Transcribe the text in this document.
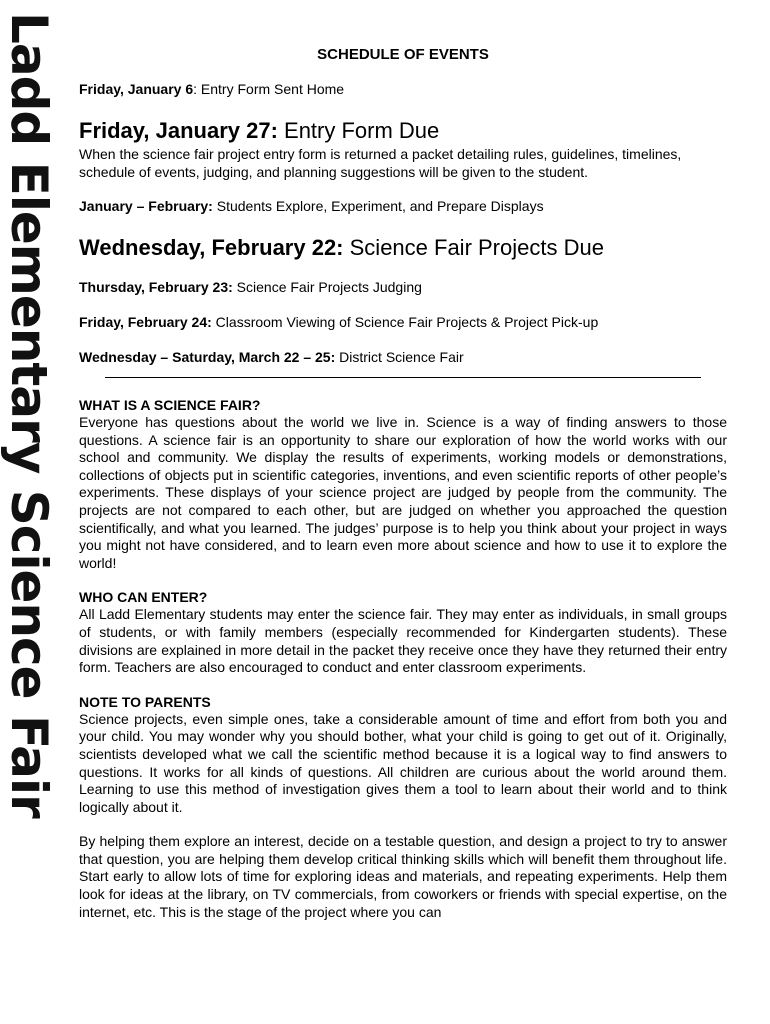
Ladd Elementary Science Fair	SCHEDULE OF EVENTS

Friday, January 6: Entry Form Sent Home

Friday, January 27: Entry Form Due

When the science fair project entry form is returned a packet detailing rules, guidelines, timelines, schedule of events, judging, and planning suggestions will be given to the student.

January – February: Students Explore, Experiment, and Prepare Displays

Wednesday, February 22: Science Fair Projects Due

Thursday, February 23: Science Fair Projects Judging

Friday, February 24: Classroom Viewing of Science Fair Projects & Project Pick-up

Wednesday – Saturday, March 22 – 25: District Science Fair

WHAT IS A SCIENCE FAIR?

Everyone has questions about the world we live in. Science is a way of finding answers to those questions. A science fair is an opportunity to share our exploration of how the world works with our school and community. We display the results of experiments, working models or demonstrations, collections of objects put in scientific categories, inventions, and even scientific reports of other people’s experiments. These displays of your science project are judged by people from the community. The projects are not compared to each other, but are judged on whether you approached the question scientifically, and what you learned. The judges’ purpose is to help you think about your project in ways you might not have considered, and to learn even more about science and how to use it to explore the world!

WHO CAN ENTER?

All Ladd Elementary students may enter the science fair. They may enter as individuals, in small groups of students, or with family members (especially recommended for Kindergarten students). These divisions are explained in more detail in the packet they receive once they have they returned their entry form. Teachers are also encouraged to conduct and enter classroom experiments.

NOTE TO PARENTS

Science projects, even simple ones, take a considerable amount of time and effort from both you and your child. You may wonder why you should bother, what your child is going to get out of it. Originally, scientists developed what we call the scientific method because it is a logical way to find answers to questions. It works for all kinds of questions. All children are curious about the world around them. Learning to use this method of investigation gives them a tool to learn about their world and to think logically about it.

By helping them explore an interest, decide on a testable question, and design a project to try to answer that question, you are helping them develop critical thinking skills which will benefit them throughout life. Start early to allow lots of time for exploring ideas and materials, and repeating experiments. Help them look for ideas at the library, on TV commercials, from coworkers or friends with special expertise, on the internet, etc. This is the stage of the project where you can
